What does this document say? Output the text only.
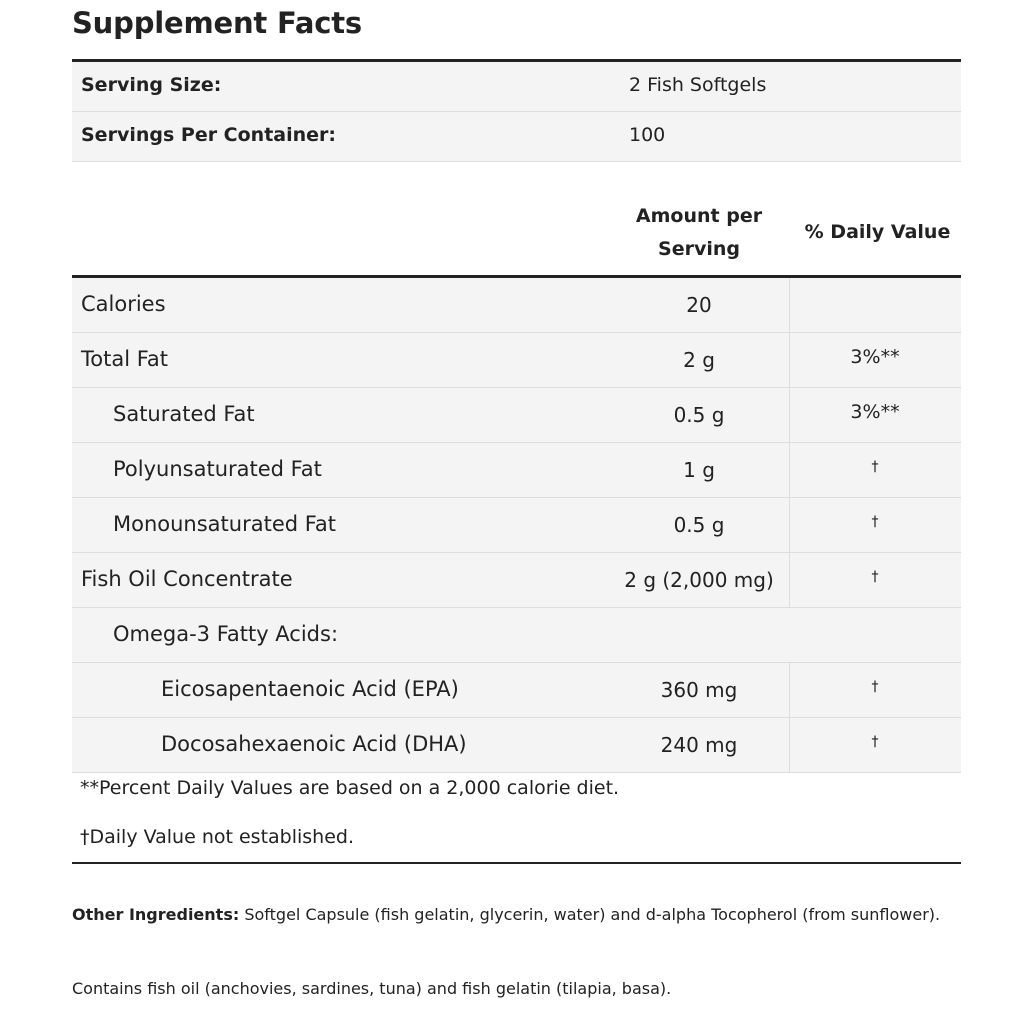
Supplement Facts
Serving Size:	2 Fish Softgels
Servings Per Container:	100
Amount per
Serving
% Daily Value
Calories	20
Total Fat	2 g	3%**
Saturated Fat	0.5 g	3%**
Polyunsaturated Fat	1 g	†
Monounsaturated Fat	0.5 g	†
Fish Oil Concentrate	2 g (2,000 mg)	†
Omega-3 Fatty Acids:
Eicosapentaenoic Acid (EPA)	360 mg	†
Docosahexaenoic Acid (DHA)	240 mg	†
**Percent Daily Values are based on a 2,000 calorie diet.
†Daily Value not established.
Other Ingredients: Softgel Capsule (fish gelatin, glycerin, water) and d-alpha Tocopherol (from sunflower).
Contains fish oil (anchovies, sardines, tuna) and fish gelatin (tilapia, basa).
